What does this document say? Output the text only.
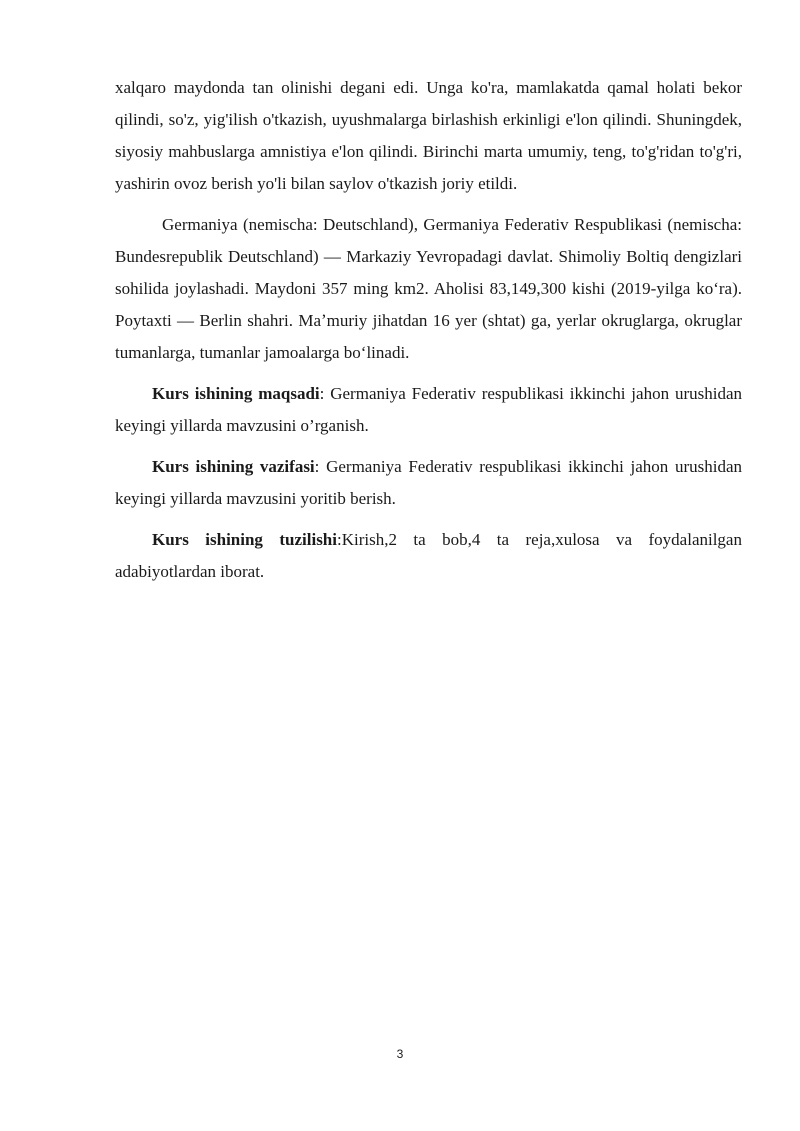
xalqaro maydonda tan olinishi degani edi. Unga ko'ra, mamlakatda qamal holati bekor qilindi, so'z, yig'ilish o'tkazish, uyushmalarga birlashish erkinligi e'lon qilindi. Shuningdek, siyosiy mahbuslarga amnistiya e'lon qilindi. Birinchi marta umumiy, teng, to'g'ridan to'g'ri, yashirin ovoz berish yo'li bilan saylov o'tkazish joriy etildi.

Germaniya (nemischa: Deutschland), Germaniya Federativ Respublikasi (nemischa: Bundesrepublik Deutschland) — Markaziy Yevropadagi davlat. Shimoliy Boltiq dengizlari sohilida joylashadi. Maydoni 357 ming km2. Aholisi 83,149,300 kishi (2019-yilga koʻra). Poytaxti — Berlin shahri. Maʼmuriy jihatdan 16 yer (shtat) ga, yerlar okruglarga, okruglar tumanlarga, tumanlar jamoalarga boʻlinadi.

Kurs ishining maqsadi: Germaniya Federativ respublikasi ikkinchi jahon urushidan keyingi yillarda mavzusini o’rganish.

Kurs ishining vazifasi: Germaniya Federativ respublikasi ikkinchi jahon urushidan keyingi yillarda mavzusini yoritib berish.

Kurs ishining tuzilishi:Kirish,2 ta bob,4 ta reja,xulosa va foydalanilgan adabiyotlardan iborat.

3
